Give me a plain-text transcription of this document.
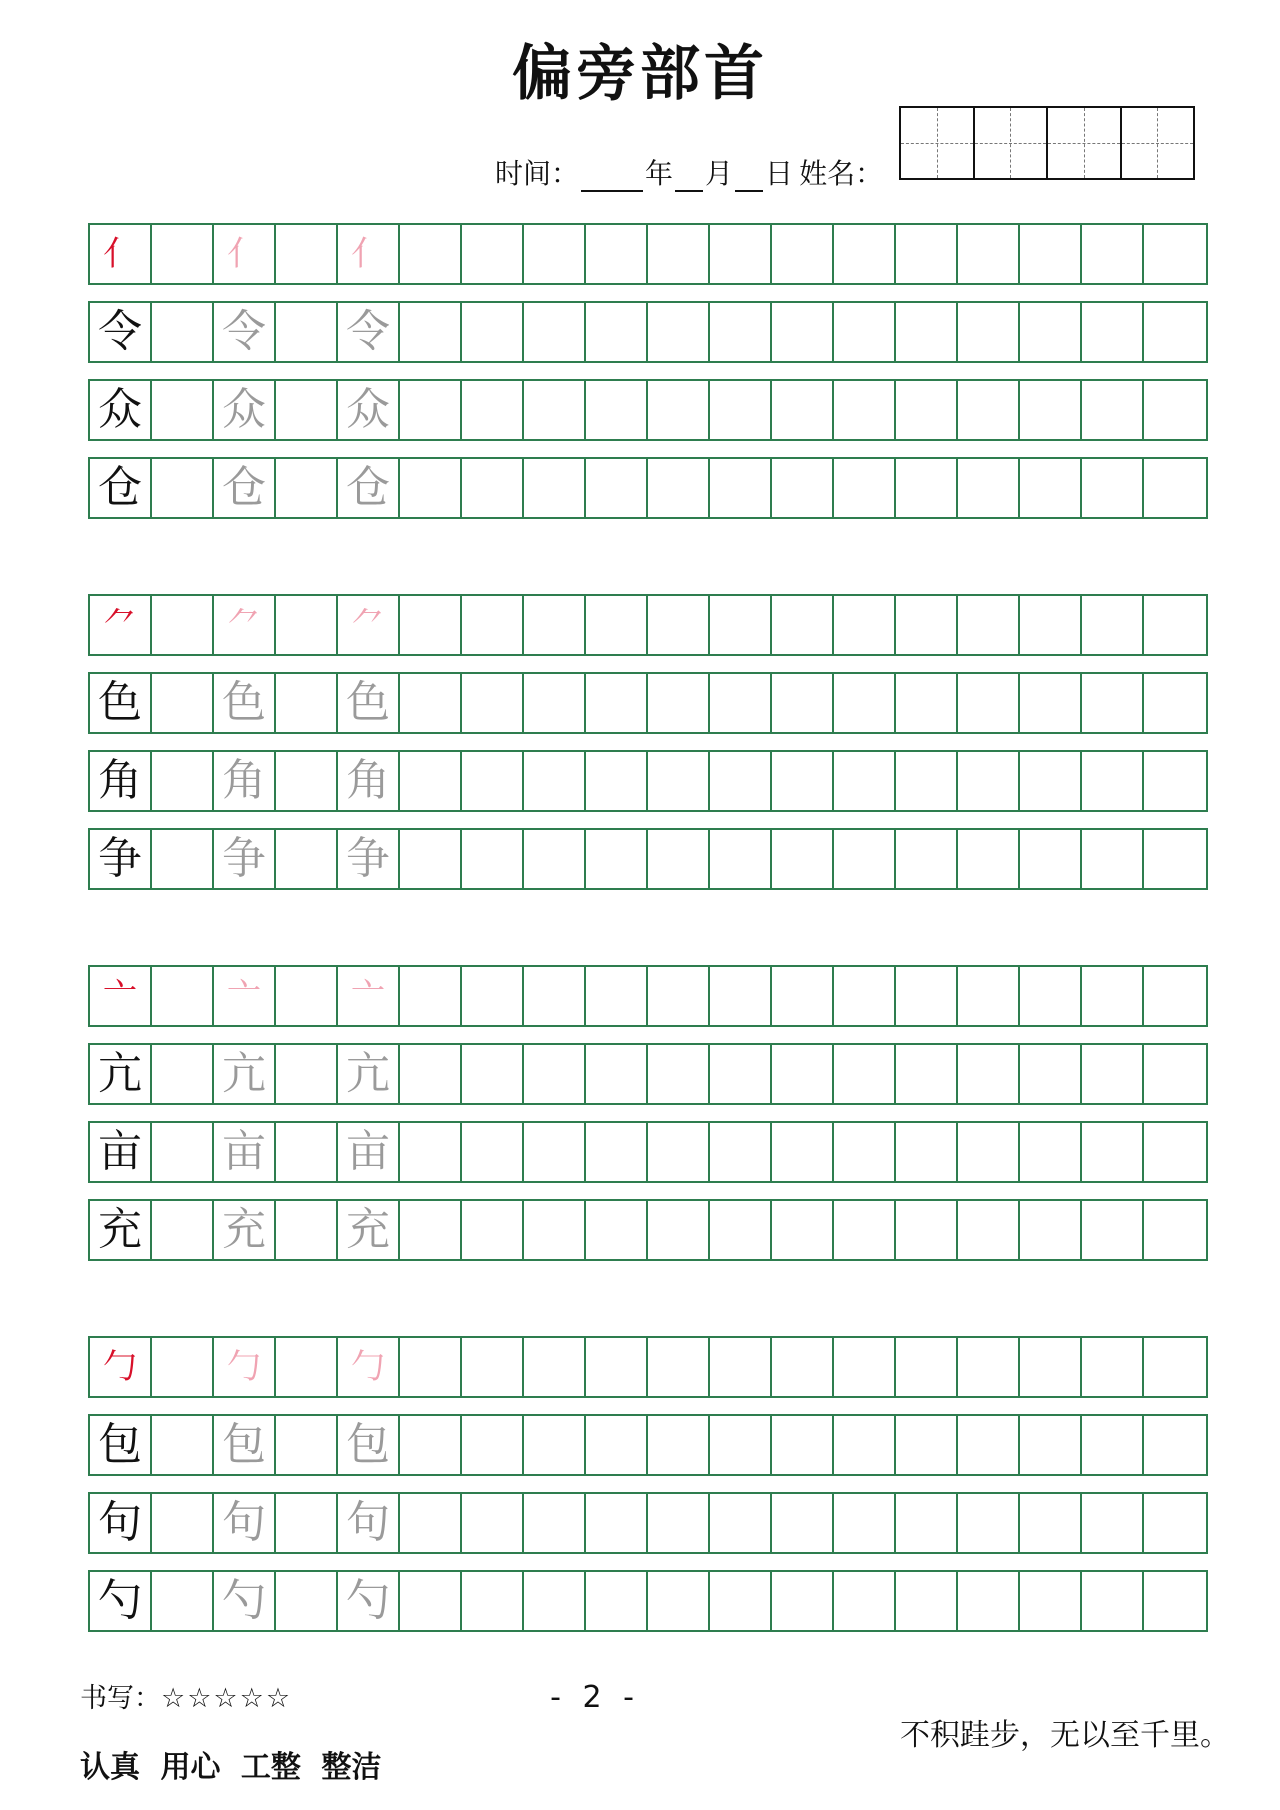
偏旁部首
时间： 年 月 日 姓名：
亻	亻	亻
令 令 令
众 众 众
仓 仓 仓
⺈	⺈	⺈
色 色 色
角 角 角
争 争 争
亠	亠	亠
亢 亢 亢
亩 亩 亩
充 充 充
勹	勹	勹
包 包 包
句 句 句
勺 勺 勺
书写：☆☆☆☆☆
认真 用心 工整 整洁
- 2 -
不积跬步，无以至千里。
